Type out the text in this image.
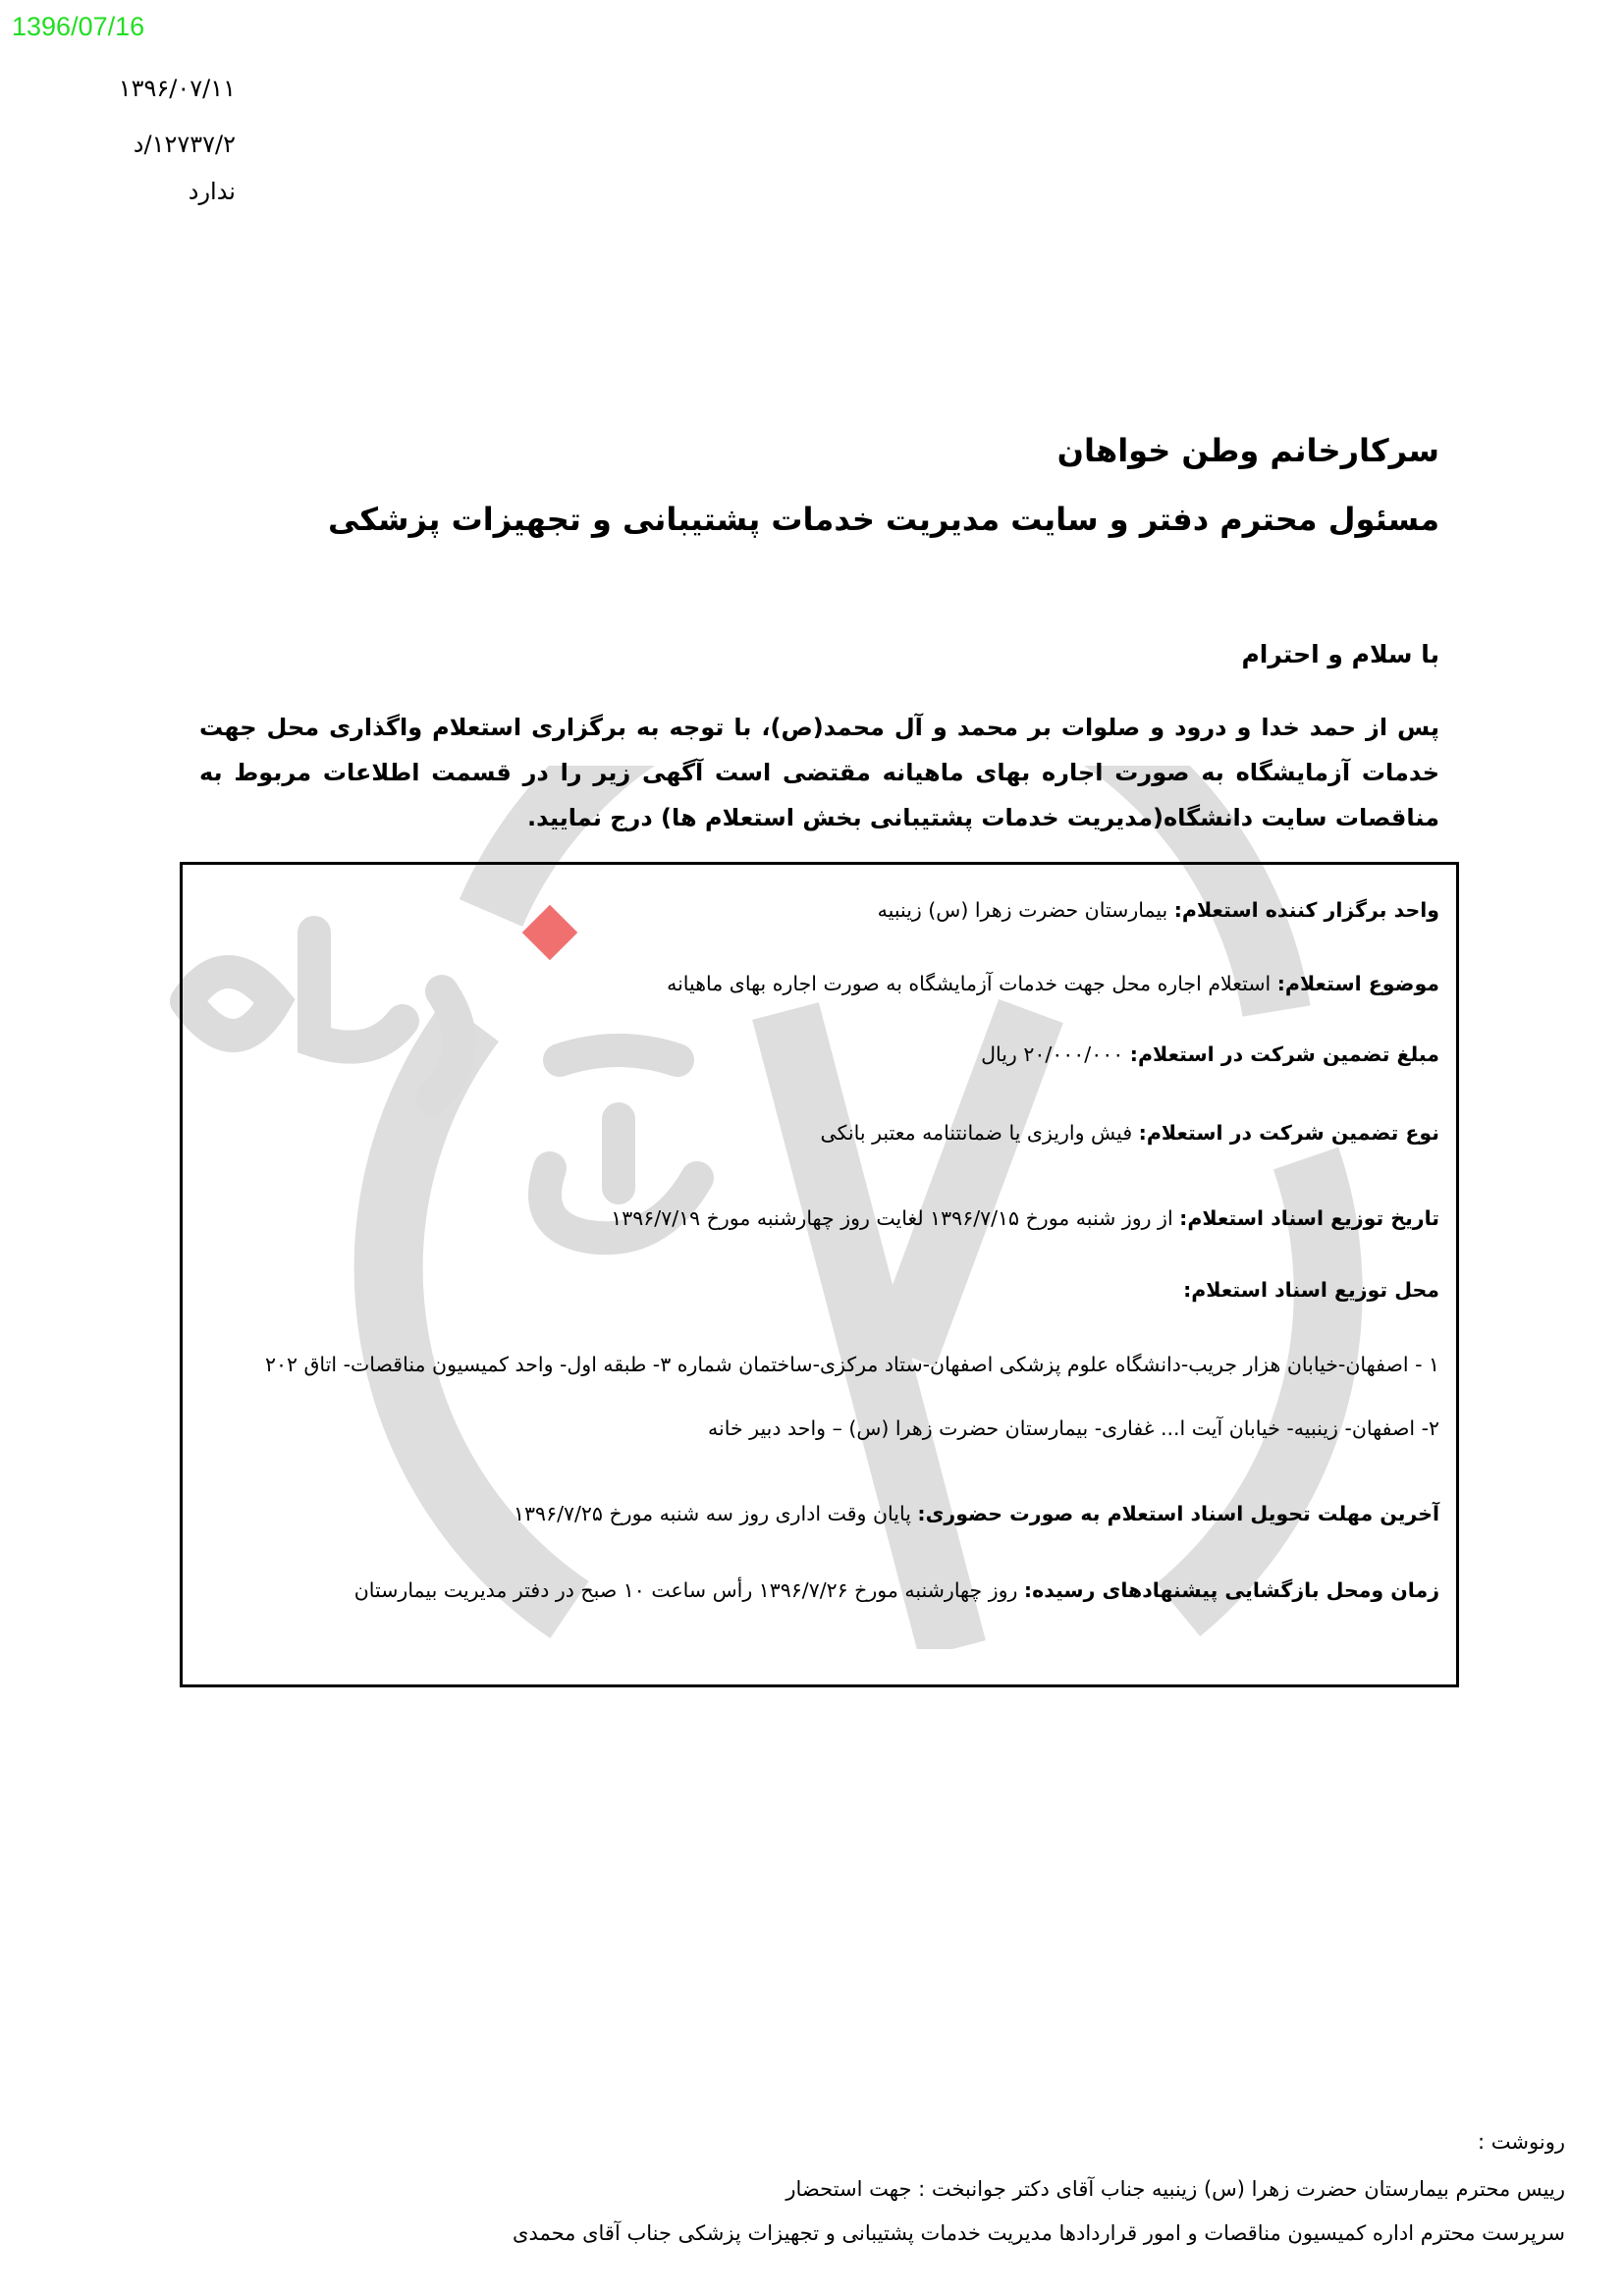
1396/07/16
۱۳۹۶/۰۷/۱۱
۱۲۷۳۷/۲/د
ندارد
سرکارخانم وطن خواهان
مسئول محترم دفتر و سایت مدیریت خدمات پشتیبانی و تجهیزات پزشکی
با سلام و احترام
پس از حمد خدا و درود و صلوات بر محمد و آل محمد(ص)، با توجه به برگزاری استعلام واگذاری محل جهت خدمات آزمایشگاه به صورت اجاره بهای ماهیانه مقتضی است آگهی زیر را در قسمت اطلاعات مربوط به مناقصات سایت دانشگاه(مدیریت خدمات پشتیبانی بخش استعلام ها) درج نمایید.
واحد برگزار کننده استعلام: بیمارستان حضرت زهرا (س) زینبیه
موضوع استعلام: استعلام اجاره محل جهت خدمات آزمایشگاه به صورت اجاره بهای ماهیانه
مبلغ تضمین شرکت در استعلام: ۲۰/۰۰۰/۰۰۰ ریال
نوع تضمین شرکت در استعلام: فیش واریزی یا ضمانتنامه معتبر بانکی
تاریخ توزیع اسناد استعلام: از روز شنبه مورخ ۱۳۹۶/۷/۱۵ لغایت روز چهارشنبه مورخ ۱۳۹۶/۷/۱۹
محل توزیع اسناد استعلام:
۱ - اصفهان-خیابان هزار جریب-دانشگاه علوم پزشکی اصفهان-ستاد مرکزی-ساختمان شماره ۳- طبقه اول- واحد کمیسیون مناقصات- اتاق ۲۰۲
۲- اصفهان- زینبیه- خیابان آیت ا... غفاری- بیمارستان حضرت زهرا (س) – واحد دبیر خانه
آخرین مهلت تحویل اسناد استعلام به صورت حضوری: پایان وقت اداری روز سه شنبه مورخ ۱۳۹۶/۷/۲۵
زمان ومحل بازگشایی پیشنهادهای رسیده: روز چهارشنبه مورخ ۱۳۹۶/۷/۲۶ رأس ساعت ۱۰ صبح در دفتر مدیریت بیمارستان
رونوشت :
رییس محترم بیمارستان حضرت زهرا (س) زینبیه جناب آقای دکتر جوانبخت : جهت استحضار
سرپرست محترم اداره کمیسیون مناقصات و امور قراردادها مدیریت خدمات پشتیبانی و تجهیزات پزشکی جناب آقای محمدی
